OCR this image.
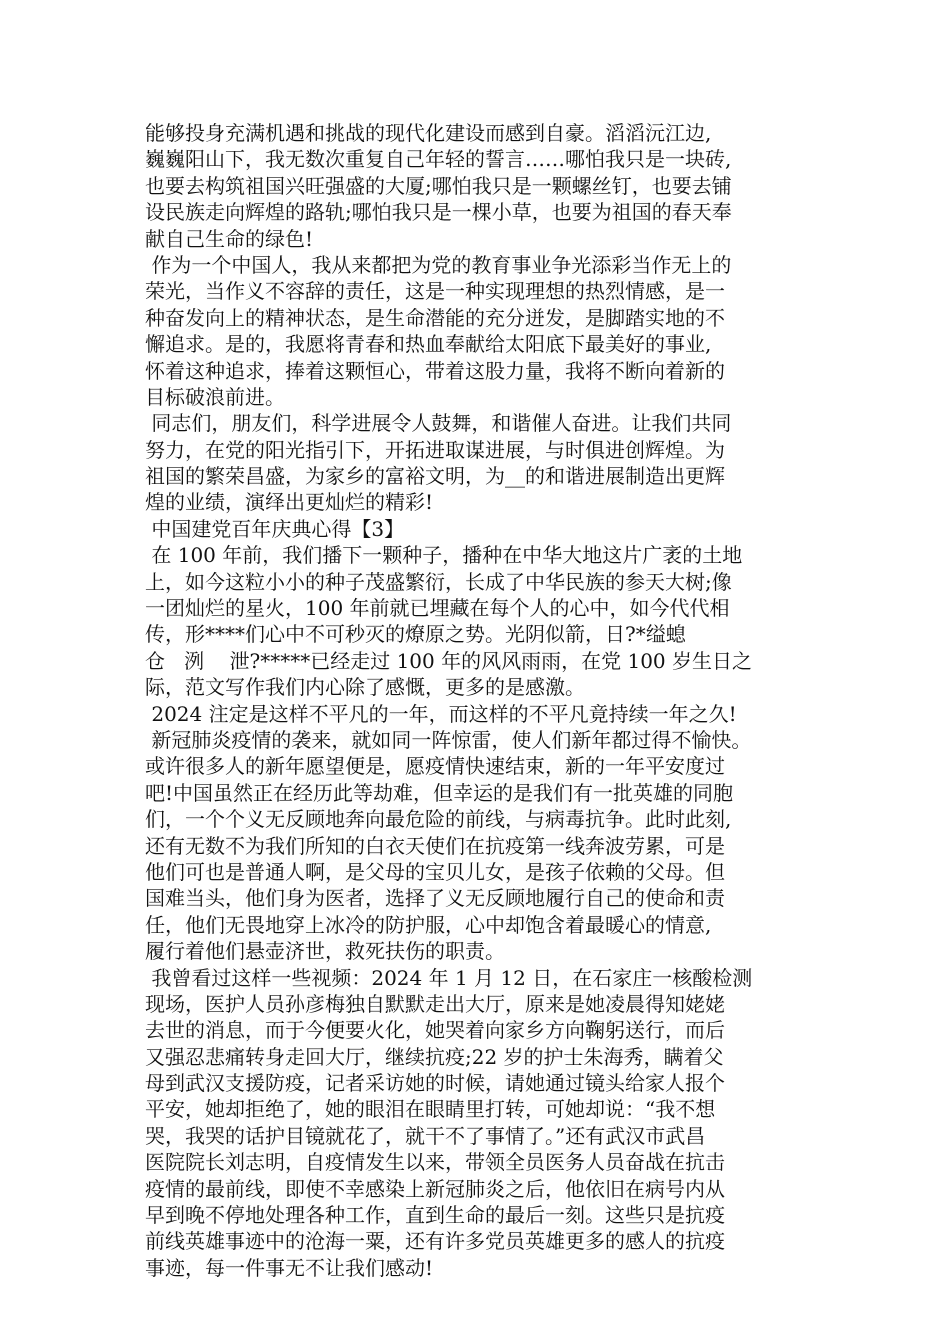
能够投身充满机遇和挑战的现代化建设而感到自豪。滔滔沅江边,
巍巍阳山下，我无数次重复自己年轻的誓言……哪怕我只是一块砖,
也要去构筑祖国兴旺强盛的大厦;哪怕我只是一颗螺丝钉，也要去铺
设民族走向辉煌的路轨;哪怕我只是一棵小草，也要为祖国的春天奉
献自己生命的绿色!
作为一个中国人，我从来都把为党的教育事业争光添彩当作无上的
荣光，当作义不容辞的责任，这是一种实现理想的热烈情感，是一
种奋发向上的精神状态，是生命潜能的充分迸发，是脚踏实地的不
懈追求。是的，我愿将青春和热血奉献给太阳底下最美好的事业,
怀着这种追求，捧着这颗恒心，带着这股力量，我将不断向着新的
目标破浪前进。
同志们，朋友们，科学进展令人鼓舞，和谐催人奋进。让我们共同
努力，在党的阳光指引下，开拓进取谋进展，与时俱进创辉煌。为
祖国的繁荣昌盛，为家乡的富裕文明，为__的和谐进展制造出更辉
煌的业绩，演绎出更灿烂的精彩!
中国建党百年庆典心得【3】
在 100 年前，我们播下一颗种子，播种在中华大地这片广袤的土地
上，如今这粒小小的种子茂盛繁衍，长成了中华民族的参天大树;像
一团灿烂的星火，100 年前就已埋藏在每个人的心中，如今代代相
传，形****们心中不可秒灭的燎原之势。光阴似箭，日?*缢螅
仓   洌    泄?*****已经走过 100 年的风风雨雨，在党 100 岁生日之
际，范文写作我们内心除了感慨，更多的是感激。
2024 注定是这样不平凡的一年，而这样的不平凡竟持续一年之久!
新冠肺炎疫情的袭来，就如同一阵惊雷，使人们新年都过得不愉快。
或许很多人的新年愿望便是，愿疫情快速结束，新的一年平安度过
吧!中国虽然正在经历此等劫难，但幸运的是我们有一批英雄的同胞
们，一个个义无反顾地奔向最危险的前线，与病毒抗争。此时此刻,
还有无数不为我们所知的白衣天使们在抗疫第一线奔波劳累，可是
他们可也是普通人啊，是父母的宝贝儿女，是孩子依赖的父母。但
国难当头，他们身为医者，选择了义无反顾地履行自己的使命和责
任，他们无畏地穿上冰冷的防护服，心中却饱含着最暖心的情意,
履行着他们悬壶济世，救死扶伤的职责。
我曾看过这样一些视频：2024 年 1 月 12 日，在石家庄一核酸检测
现场，医护人员孙彦梅独自默默走出大厅，原来是她凌晨得知姥姥
去世的消息，而于今便要火化，她哭着向家乡方向鞠躬送行，而后
又强忍悲痛转身走回大厅，继续抗疫;22 岁的护士朱海秀，瞒着父
母到武汉支援防疫，记者采访她的时候，请她通过镜头给家人报个
平安，她却拒绝了，她的眼泪在眼睛里打转，可她却说：“我不想
哭，我哭的话护目镜就花了，就干不了事情了。”还有武汉市武昌
医院院长刘志明，自疫情发生以来，带领全员医务人员奋战在抗击
疫情的最前线，即使不幸感染上新冠肺炎之后，他依旧在病号内从
早到晚不停地处理各种工作，直到生命的最后一刻。这些只是抗疫
前线英雄事迹中的沧海一粟，还有许多党员英雄更多的感人的抗疫
事迹，每一件事无不让我们感动!
